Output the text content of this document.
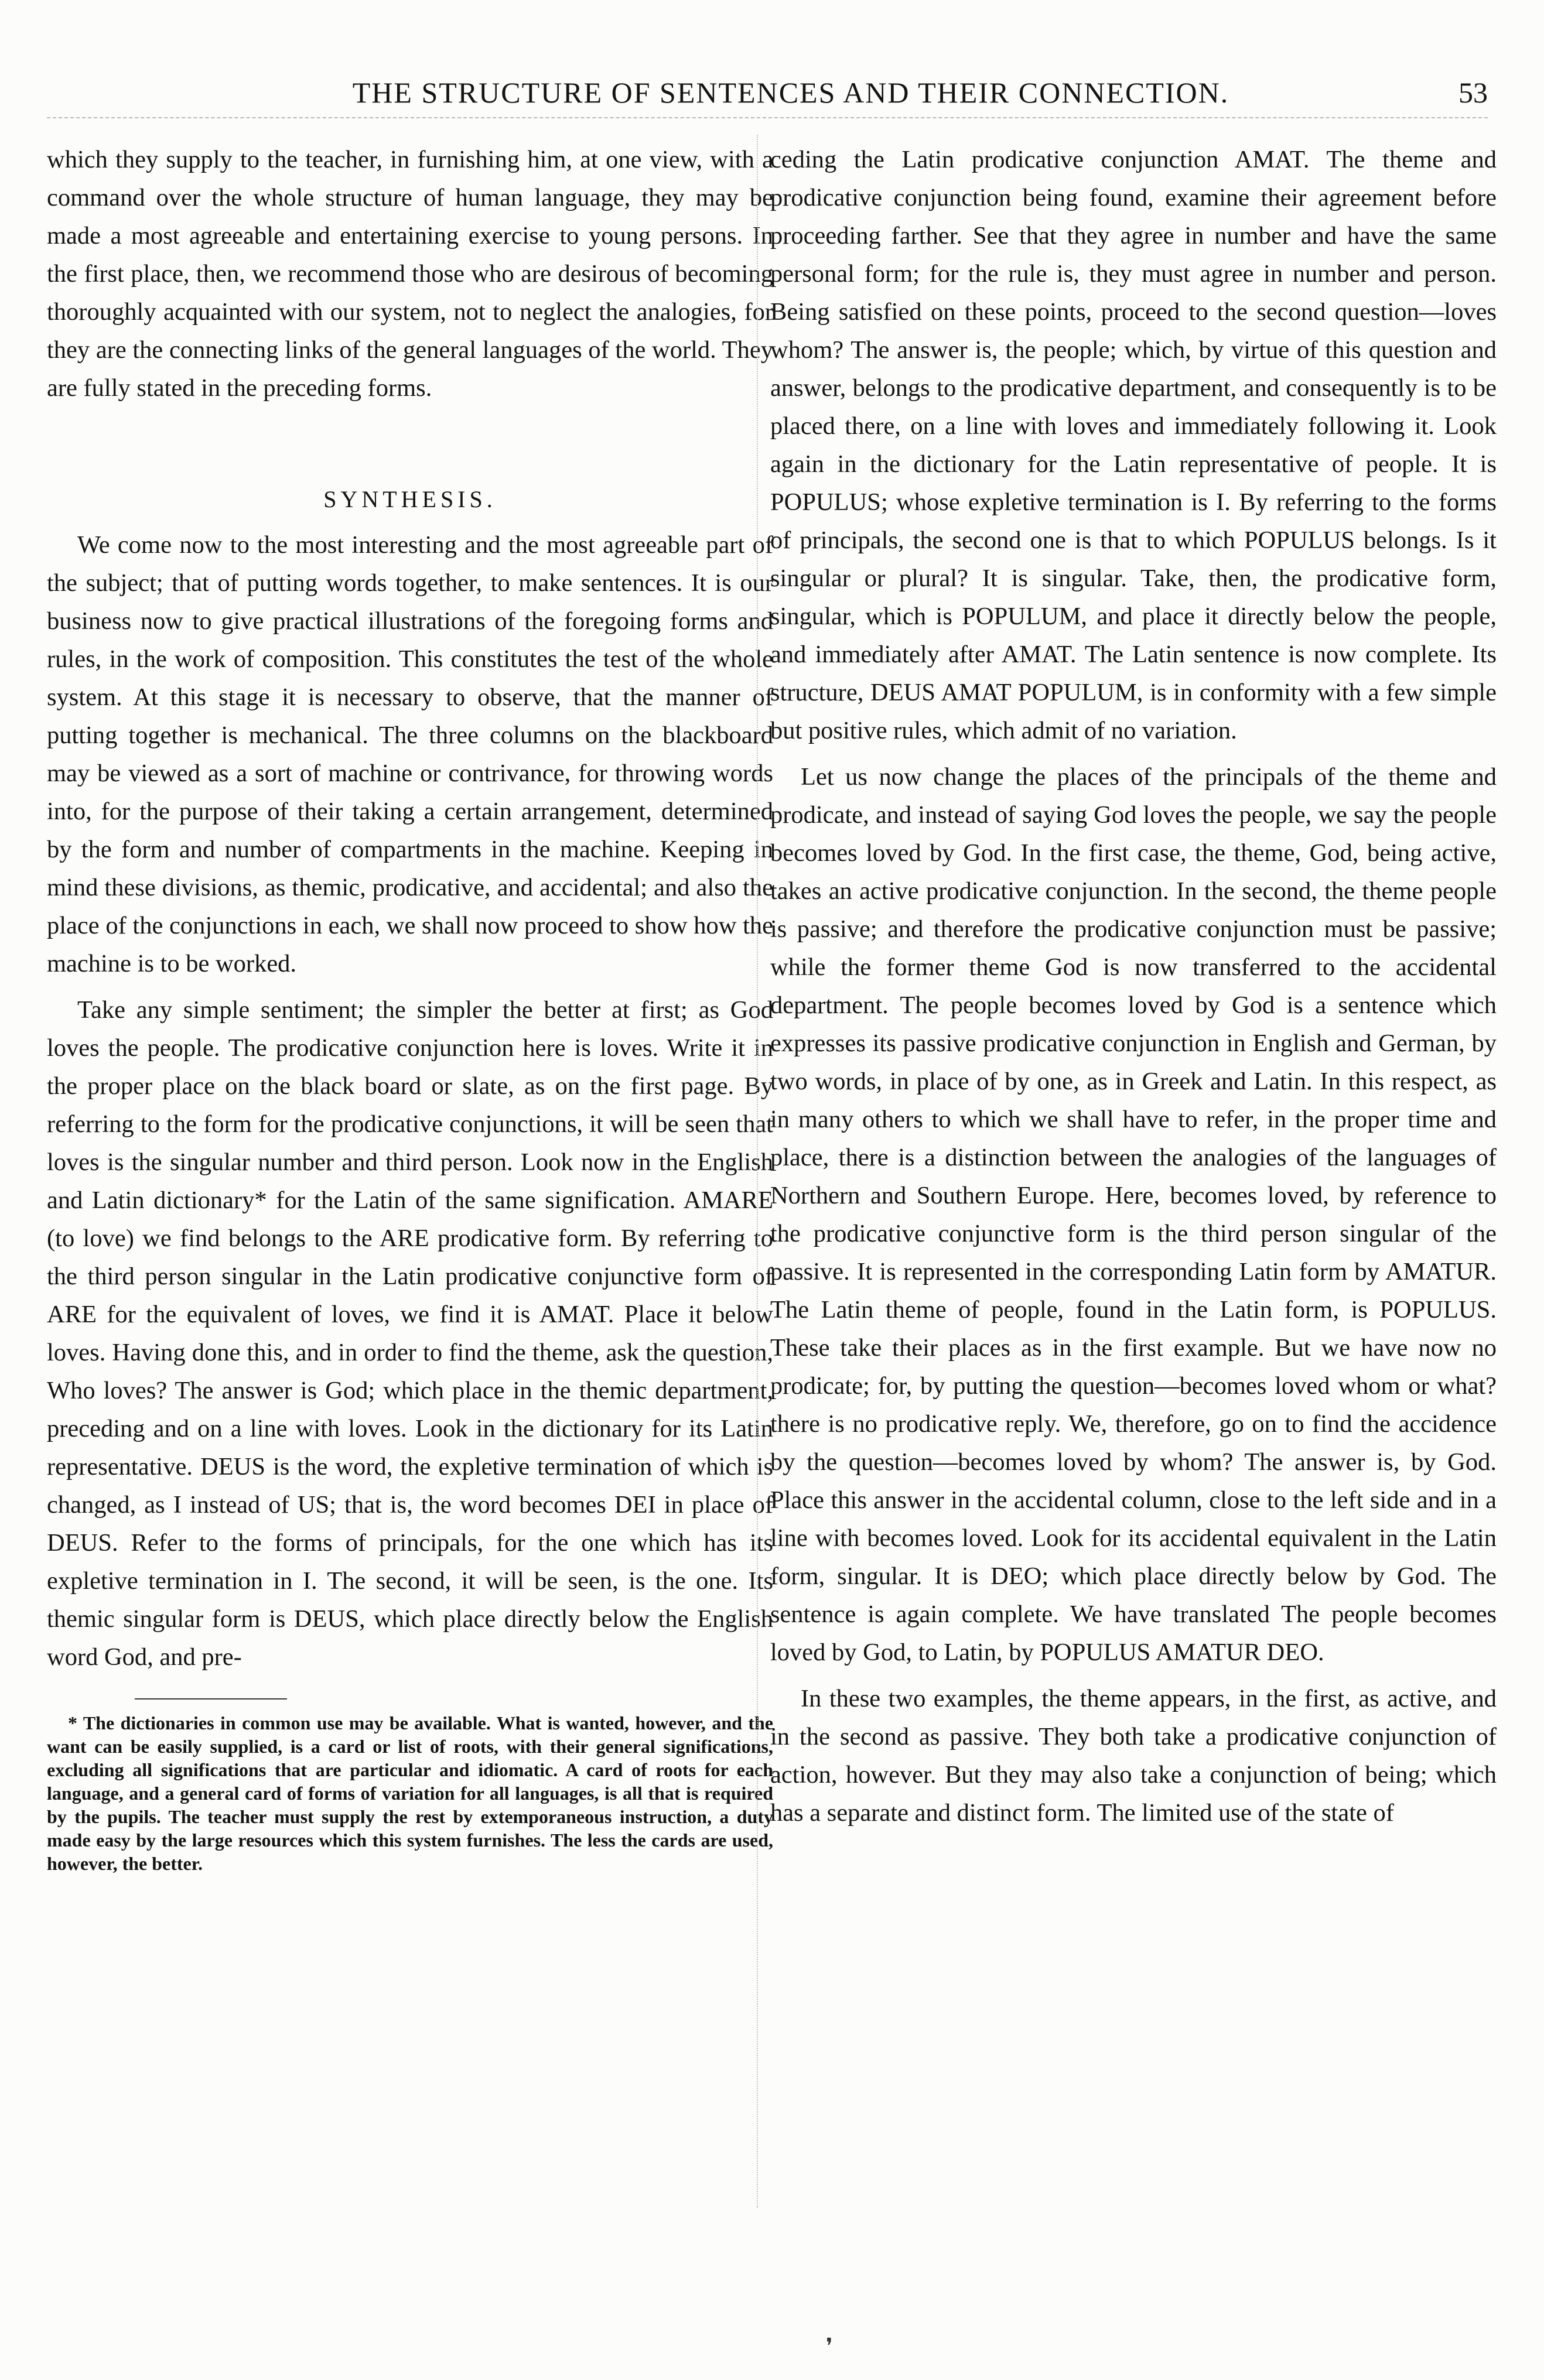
THE STRUCTURE OF SENTENCES AND THEIR CONNECTION.	53

which they supply to the teacher, in furnishing him, at one view, with a command over the whole structure of human language, they may be made a most agreeable and entertaining exercise to young persons. In the first place, then, we recommend those who are desirous of becoming thoroughly acquainted with our system, not to neglect the analogies, for they are the connecting links of the general languages of the world. They are fully stated in the preceding forms.

SYNTHESIS.

We come now to the most interesting and the most agreeable part of the subject; that of putting words together, to make sentences. It is our business now to give practical illustrations of the foregoing forms and rules, in the work of composition. This constitutes the test of the whole system. At this stage it is necessary to observe, that the manner of putting together is mechanical. The three columns on the blackboard may be viewed as a sort of machine or contrivance, for throwing words into, for the purpose of their taking a certain arrangement, determined by the form and number of compartments in the machine. Keeping in mind these divisions, as themic, prodicative, and accidental; and also the place of the conjunctions in each, we shall now proceed to show how the machine is to be worked.

Take any simple sentiment; the simpler the better at first; as God loves the people. The prodicative conjunction here is loves. Write it in the proper place on the black board or slate, as on the first page. By referring to the form for the prodicative conjunctions, it will be seen that loves is the singular number and third person. Look now in the English and Latin dictionary* for the Latin of the same signification. AMARE (to love) we find belongs to the ARE prodicative form. By referring to the third person singular in the Latin prodicative conjunctive form of ARE for the equivalent of loves, we find it is AMAT. Place it below loves. Having done this, and in order to find the theme, ask the question, Who loves? The answer is God; which place in the themic department, preceding and on a line with loves. Look in the dictionary for its Latin representative. DEUS is the word, the expletive termination of which is changed, as I instead of US; that is, the word becomes DEI in place of DEUS. Refer to the forms of principals, for the one which has its expletive termination in I. The second, it will be seen, is the one. Its themic singular form is DEUS, which place directly below the English word God, and pre-

* The dictionaries in common use may be available. What is wanted, however, and the want can be easily supplied, is a card or list of roots, with their general significations, excluding all significations that are particular and idiomatic. A card of roots for each language, and a general card of forms of variation for all languages, is all that is required by the pupils. The teacher must supply the rest by extemporaneous instruction, a duty made easy by the large resources which this system furnishes. The less the cards are used, however, the better.

ceding the Latin prodicative conjunction AMAT. The theme and prodicative conjunction being found, examine their agreement before proceeding farther. See that they agree in number and have the same personal form; for the rule is, they must agree in number and person. Being satisfied on these points, proceed to the second question—loves whom? The answer is, the people; which, by virtue of this question and answer, belongs to the prodicative department, and consequently is to be placed there, on a line with loves and immediately following it. Look again in the dictionary for the Latin representative of people. It is POPULUS; whose expletive termination is I. By referring to the forms of principals, the second one is that to which POPULUS belongs. Is it singular or plural? It is singular. Take, then, the prodicative form, singular, which is POPULUM, and place it directly below the people, and immediately after AMAT. The Latin sentence is now complete. Its structure, DEUS AMAT POPULUM, is in conformity with a few simple but positive rules, which admit of no variation.

Let us now change the places of the principals of the theme and prodicate, and instead of saying God loves the people, we say the people becomes loved by God. In the first case, the theme, God, being active, takes an active prodicative conjunction. In the second, the theme people is passive; and therefore the prodicative conjunction must be passive; while the former theme God is now transferred to the accidental department. The people becomes loved by God is a sentence which expresses its passive prodicative conjunction in English and German, by two words, in place of by one, as in Greek and Latin. In this respect, as in many others to which we shall have to refer, in the proper time and place, there is a distinction between the analogies of the languages of Northern and Southern Europe. Here, becomes loved, by reference to the prodicative conjunctive form is the third person singular of the passive. It is represented in the corresponding Latin form by AMATUR. The Latin theme of people, found in the Latin form, is POPULUS. These take their places as in the first example. But we have now no prodicate; for, by putting the question—becomes loved whom or what? there is no prodicative reply. We, therefore, go on to find the accidence by the question—becomes loved by whom? The answer is, by God. Place this answer in the accidental column, close to the left side and in a line with becomes loved. Look for its accidental equivalent in the Latin form, singular. It is DEO; which place directly below by God. The sentence is again complete. We have translated The people becomes loved by God, to Latin, by POPULUS AMATUR DEO.

In these two examples, the theme appears, in the first, as active, and in the second as passive. They both take a prodicative conjunction of action, however. But they may also take a conjunction of being; which has a separate and distinct form. The limited use of the state of

❜
